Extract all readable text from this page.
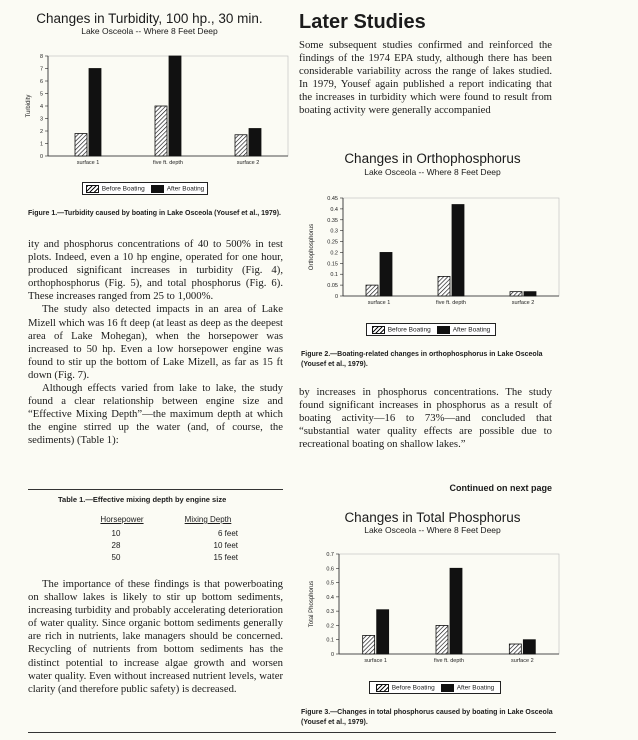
Changes in Turbidity, 100 hp., 30 min.
Lake Osceola -- Where 8 Feet Deep
0
1
2
3
4
5
6
7
8
Turbidity
surface 1	five ft. depth	surface 2
Before Boating	After Boating
Figure 1.—Turbidity caused by boating in Lake Osceola (Yousef et al., 1979).

ity and phosphorus concentrations of 40 to 500% in test plots. Indeed, even a 10 hp engine, operated for one hour, produced significant increases in turbidity (Fig. 4), orthophosphorus (Fig. 5), and total phosphorus (Fig. 6). These increases ranged from 25 to 1,000%.

The study also detected impacts in an area of Lake Mizell which was 16 ft deep (at least as deep as the deepest area of Lake Mohegan), when the horsepower was increased to 50 hp. Even a low horsepower engine was found to stir up the bottom of Lake Mizell, as far as 15 ft down (Fig. 7).

Although effects varied from lake to lake, the study found a clear relationship between engine size and “Effective Mixing Depth”—the maximum depth at which the engine stirred up the water (and, of course, the sediments) (Table 1):

Table 1.—Effective mixing depth by engine size
Horsepower	Mixing Depth
10	6 feet
28	10 feet
50	15 feet

The importance of these findings is that powerboating on shallow lakes is likely to stir up bottom sediments, increasing turbidity and probably accelerating deterioration of water quality. Since organic bottom sediments generally are rich in nutrients, lake managers should be concerned. Recycling of nutrients from bottom sediments has the distinct potential to increase algae growth and worsen water quality. Even without increased nutrient levels, water clarity (and therefore public safety) is decreased.

Later Studies

Some subsequent studies confirmed and reinforced the findings of the 1974 EPA study, although there has been considerable variability across the range of lakes studied. In 1979, Yousef again published a report indicating that the increases in turbidity which were found to result from boating activity were generally accompanied

Changes in Orthophosphorus
Lake Osceola -- Where 8 Feet Deep
0
0.05
0.1
0.15
0.2
0.25
0.3
0.35
0.4
0.45
Orthophosphorus
surface 1	five ft. depth	surface 2
Before Boating	After Boating
Figure 2.—Boating-related changes in orthophosphorus in Lake Osceola (Yousef et al., 1979).

by increases in phosphorus concentrations. The study found significant increases in phosphorus as a result of boating activity—16 to 73%—and concluded that “substantial water quality effects are possible due to recreational boating on shallow lakes.”

Continued on next page
Changes in Total Phosphorus
Lake Osceola -- Where 8 Feet Deep
0
0.1
0.2
0.3
0.4
0.5
0.6
0.7
Total Phosphorus
surface 1	five ft. depth	surface 2
Before Boating	After Boating
Figure 3.—Changes in total phosphorus caused by boating in Lake Osceola (Yousef et al., 1979).
